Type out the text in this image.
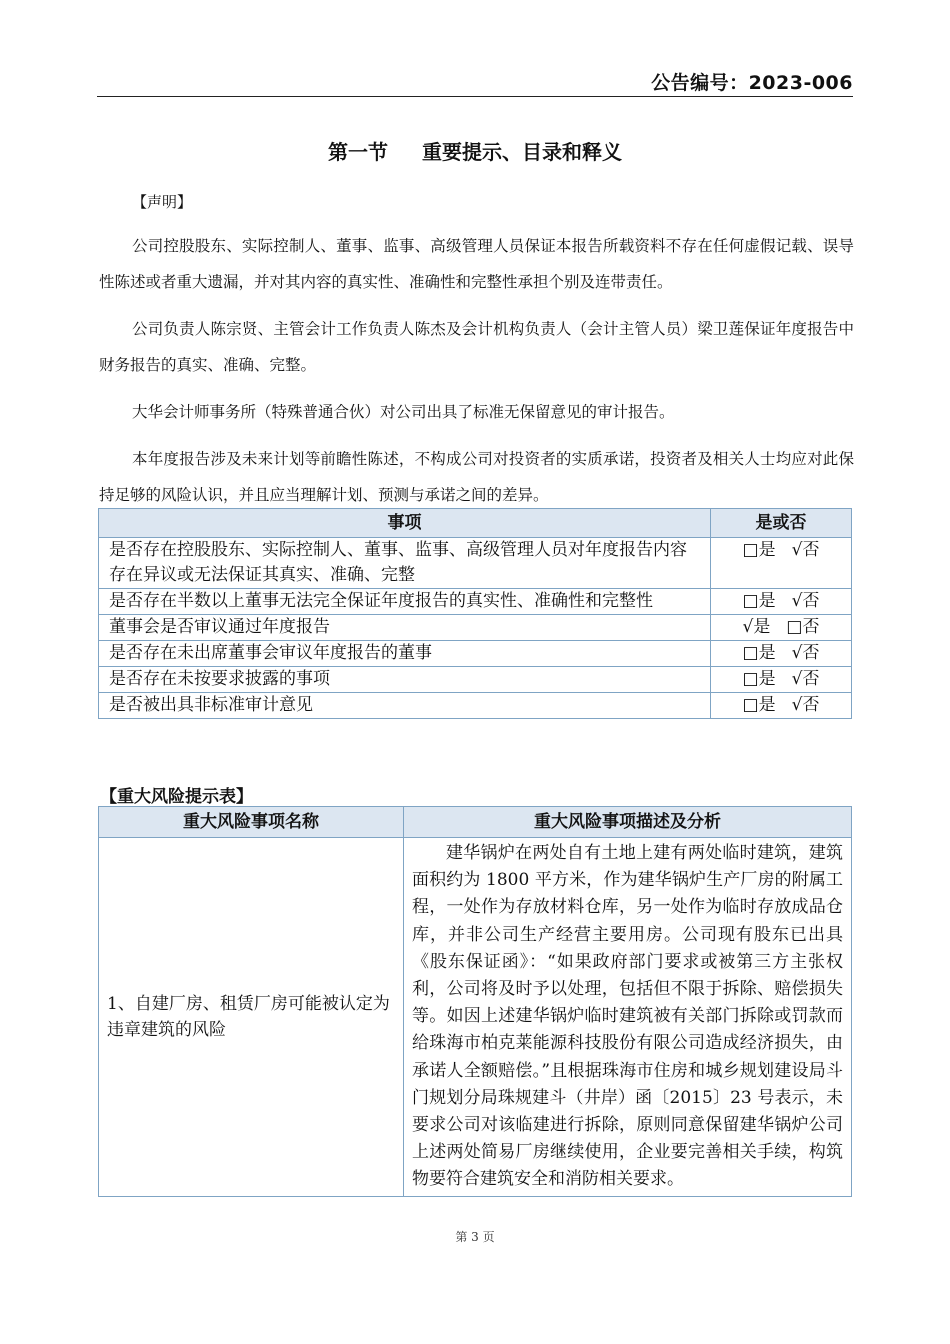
公告编号：2023-006
第一节 重要提示、目录和释义
【声明】

公司控股股东、实际控制人、董事、监事、高级管理人员保证本报告所载资料不存在任何虚假记载、误导性陈述或者重大遗漏，并对其内容的真实性、准确性和完整性承担个别及连带责任。

公司负责人陈宗贤、主管会计工作负责人陈杰及会计机构负责人（会计主管人员）梁卫莲保证年度报告中财务报告的真实、准确、完整。

大华会计师事务所（特殊普通合伙）对公司出具了标准无保留意见的审计报告。

本年度报告涉及未来计划等前瞻性陈述，不构成公司对投资者的实质承诺，投资者及相关人士均应对此保持足够的风险认识，并且应当理解计划、预测与承诺之间的差异。

事项	是或否
是否存在控股股东、实际控制人、董事、监事、高级管理人员对年度报告内容存在异议或无法保证其真实、准确、完整	□是 √否
是否存在半数以上董事无法完全保证年度报告的真实性、准确性和完整性	□是 √否
董事会是否审议通过年度报告	√是 □否
是否存在未出席董事会审议年度报告的董事	□是 √否
是否存在未按要求披露的事项	□是 √否
是否被出具非标准审计意见	□是 √否
【重大风险提示表】
重大风险事项名称	重大风险事项描述及分析
1、自建厂房、租赁厂房可能被认定为违章建筑的风险	建华锅炉在两处自有土地上建有两处临时建筑，建筑面积约为 1800 平方米，作为建华锅炉生产厂房的附属工程，一处作为存放材料仓库，另一处作为临时存放成品仓库，并非公司生产经营主要用房。公司现有股东已出具《股东保证函》：“如果政府部门要求或被第三方主张权利，公司将及时予以处理，包括但不限于拆除、赔偿损失等。如因上述建华锅炉临时建筑被有关部门拆除或罚款而给珠海市柏克莱能源科技股份有限公司造成经济损失，由承诺人全额赔偿。”且根据珠海市住房和城乡规划建设局斗门规划分局珠规建斗（井岸）函〔2015〕23 号表示，未要求公司对该临建进行拆除，原则同意保留建华锅炉公司上述两处简易厂房继续使用，企业要完善相关手续，构筑物要符合建筑安全和消防相关要求。
第 3 页
